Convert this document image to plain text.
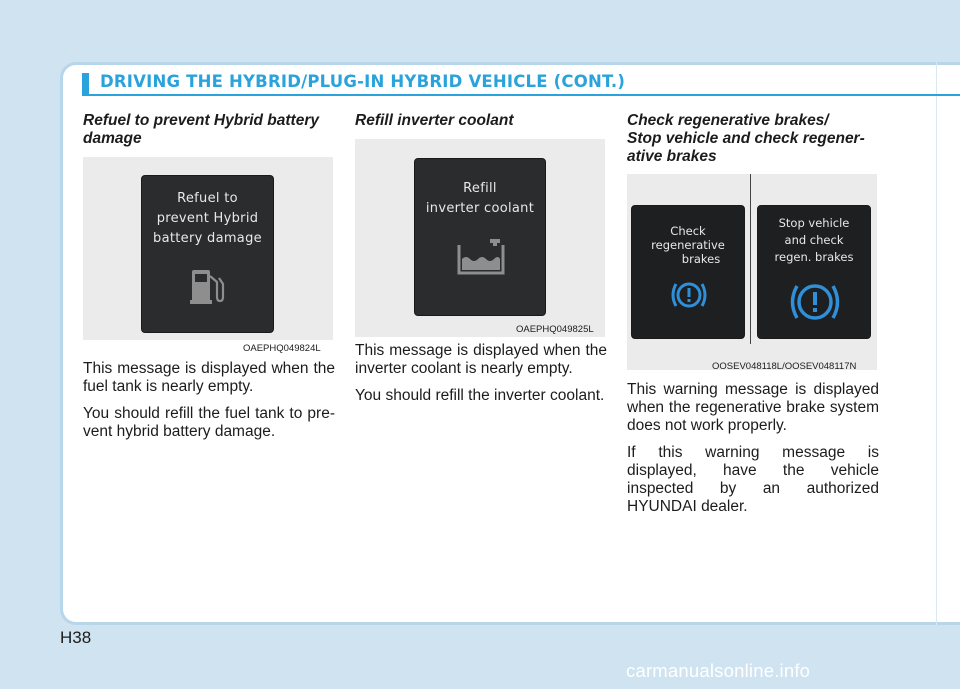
DRIVING THE HYBRID/PLUG-IN HYBRID VEHICLE (CONT.)
Refuel to prevent Hybrid battery
damage
Refuel to
prevent Hybrid
battery damage
OAEPHQ049824L

This message is displayed when the fuel tank is nearly empty.

You should refill the fuel tank to pre-vent hybrid battery damage.

Refill inverter coolant
Refill
inverter coolant
OAEPHQ049825L

This message is displayed when the inverter coolant is nearly empty.

You should refill the inverter coolant.

Check regenerative brakes/
Stop vehicle and check regener-
ative brakes
Check
regenerative
brakes
Stop vehicle
and check
regen. brakes
OOSEV048118L/OOSEV048117N

This warning message is displayed when the regenerative brake system does not work properly.

If this warning message is displayed, have the vehicle inspected by an authorized HYUNDAI dealer.

H38
carmanualsonline.info
